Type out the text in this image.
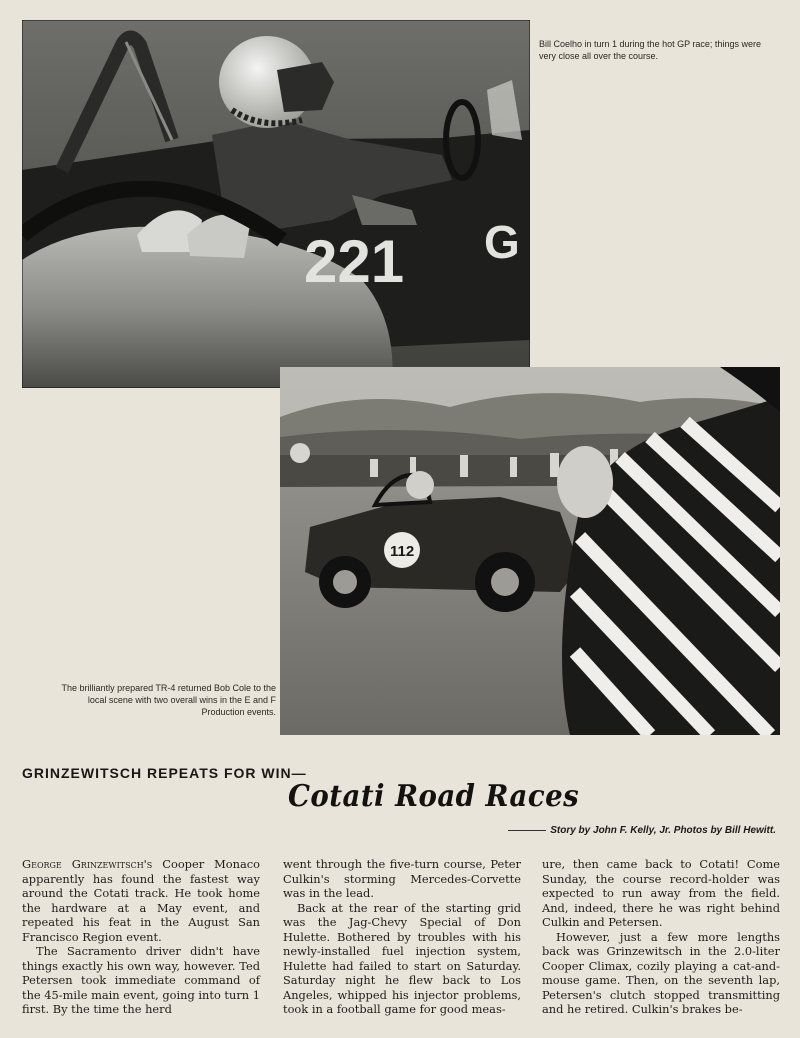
221 G
Bill Coelho in turn 1 during the hot GP race; things were very close all over the course.
112
The brilliantly prepared TR-4 returned Bob Cole to the local scene with two overall wins in the E and F Production events.
GRINZEWITSCH REPEATS FOR WIN—
Cotati Road Races
Story by John F. Kelly, Jr. Photos by Bill Hewitt.

George Grinzewitsch's Cooper Monaco apparently has found the fastest way around the Cotati track. He took home the hardware at a May event, and repeated his feat in the August San Francisco Region event.

The Sacramento driver didn't have things exactly his own way, however. Ted Petersen took immediate command of the 45-mile main event, going into turn 1 first. By the time the herd

went through the five-turn course, Peter Culkin's storming Mercedes-Corvette was in the lead.

Back at the rear of the starting grid was the Jag-Chevy Special of Don Hulette. Bothered by troubles with his newly-installed fuel injection system, Hulette had failed to start on Saturday. Saturday night he flew back to Los Angeles, whipped his injector problems, took in a football game for good meas-

ure, then came back to Cotati! Come Sunday, the course record-holder was expected to run away from the field. And, indeed, there he was right behind Culkin and Petersen.

However, just a few more lengths back was Grinzewitsch in the 2.0-liter Cooper Climax, cozily playing a cat-and-mouse game. Then, on the seventh lap, Petersen's clutch stopped transmitting and he retired. Culkin's brakes be-
